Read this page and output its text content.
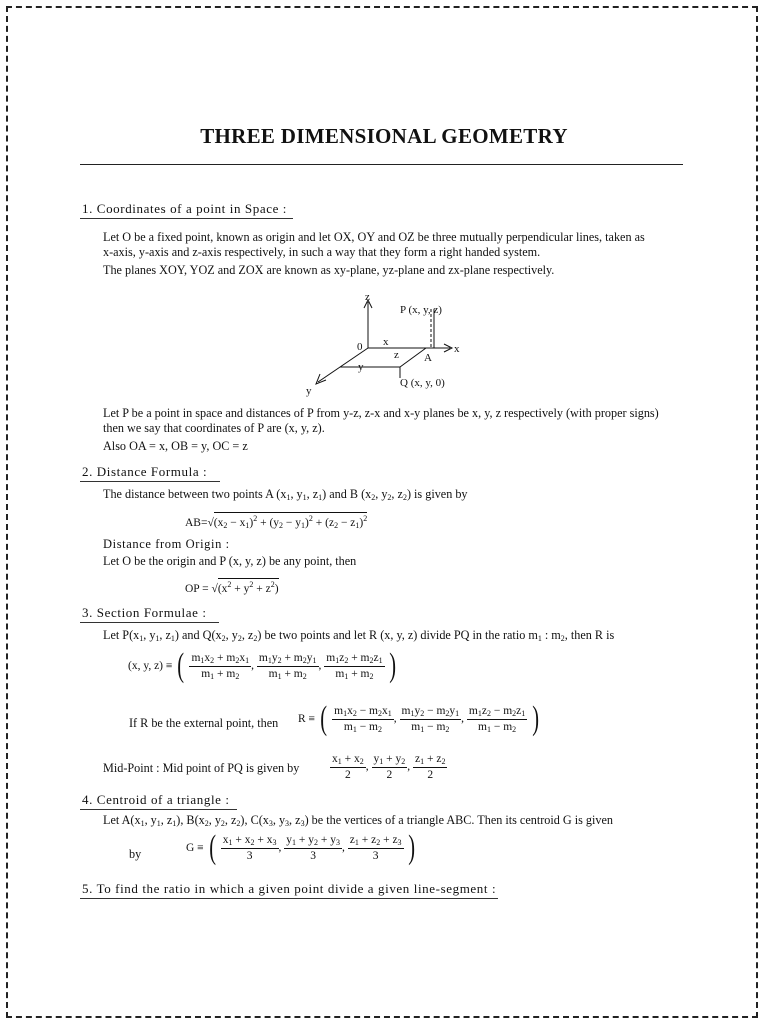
THREE DIMENSIONAL GEOMETRY
1. Coordinates of a point in Space :
Let O be a fixed point, known as origin and let OX, OY and OZ be three mutually perpendicular lines, taken as
x-axis, y-axis and z-axis respectively, in such a way that they form a right handed system.
The planes XOY, YOZ and ZOX are known as xy-plane, yz-plane and zx-plane respectively.
z
x
y
0
P (x, y, z)
Q (x, y, 0)
A
x
y
z
Let P be a point in space and distances of P from y-z, z-x and x-y planes be x, y, z respectively (with proper signs)
then we say that coordinates of P are (x, y, z).
Also OA = x, OB = y, OC = z
2. Distance Formula :
The distance between two points A ($x_1$, $y_1$, $z_1$) and B ($x_2$, $y_2$, $z_2$) is given by
$AB=√(x_2 - x_1)^2 + (y_2 - y_1)^2 + (z_2 - z_1)^2$
Distance from Origin :
Let O be the origin and P (x, y, z) be any point, then
OP = $√(x^2 + y^2 + z^2)$
3. Section Formulae :
Let $P(x_1$, $y_1$, $z_1$) and $Q(x_2$, $y_2$, $z_2$) be two points and let R (x, y, z) divide PQ in the ratio $m_1$ : $m_2$, then R is
(x, y, z) ≡ ( $\frac{m_1x_2 + m_2x_1}{m_1 + m_2}$ , $\frac{m_1y_2 + m_2y_1}{m_1 + m_2}$ , $\frac{m_1z_2 + m_2z_1}{m_1 + m_2}$ )
If R be the external point, then R ≡ ( $\frac{m_1x_2 - m_2x_1}{m_1 - m_2}$ , $\frac{m_1y_2 - m_2y_1}{m_1 - m_2}$ , $\frac{m_1z_2 - m_2z_1}{m_1 - m_2}$ )
Mid-Point : Mid point of PQ is given by	$\frac{x_1 + x_2}{2}$ , $\frac{y_1 + y_2}{2}$ , $\frac{z_1 + z_2}{2}$
4. Centroid of a triangle :
Let $A(x_1$, $y_1$, $z_1$), $B(x_2$, $y_2$, $z_2$), $C(x_3$, $y_3$, $z_3$) be the vertices of a triangle ABC. Then its centroid G is given
by	G ≡ ( $\frac{x_1 + x_2 + x_3}{3}$ , $\frac{y_1 + y_2 + y_3}{3}$ , $\frac{z_1 + z_2 + z_3}{3}$ )
5. To find the ratio in which a given point divide a given line-segment :
